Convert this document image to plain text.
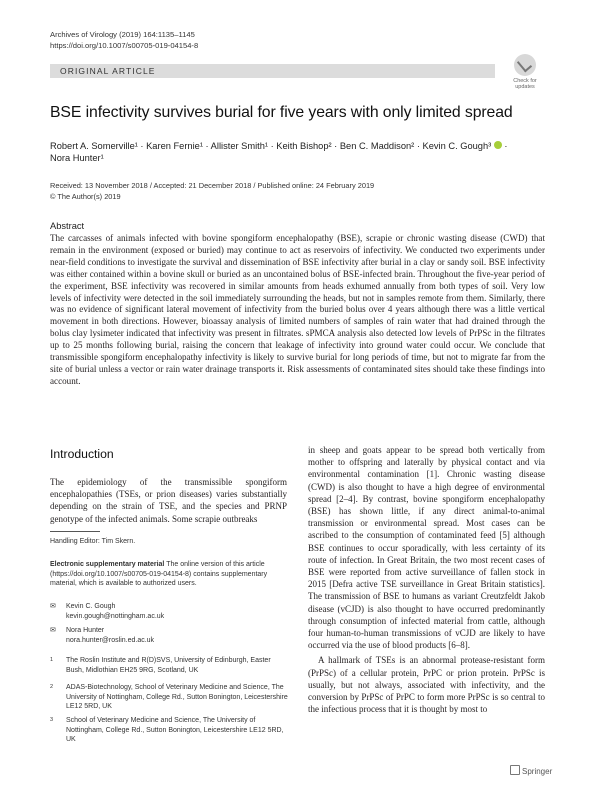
Archives of Virology (2019) 164:1135–1145
https://doi.org/10.1007/s00705-019-04154-8
ORIGINAL ARTICLE
Check for updates
BSE infectivity survives burial for five years with only limited spread
Robert A. Somerville¹ · Karen Fernie¹ · Allister Smith¹ · Keith Bishop² · Ben C. Maddison² · Kevin C. Gough³  ·
Nora Hunter¹
Received: 13 November 2018 / Accepted: 21 December 2018 / Published online: 24 February 2019
© The Author(s) 2019
Abstract
The carcasses of animals infected with bovine spongiform encephalopathy (BSE), scrapie or chronic wasting disease (CWD) that remain in the environment (exposed or buried) may continue to act as reservoirs of infectivity. We conducted two experiments under near-field conditions to investigate the survival and dissemination of BSE infectivity after burial in a clay or sandy soil. BSE infectivity was either contained within a bovine skull or buried as an uncontained bolus of BSE-infected brain. Throughout the five-year period of the experiment, BSE infectivity was recovered in similar amounts from heads exhumed annually from both types of soil. Very low levels of infectivity were detected in the soil immediately surrounding the heads, but not in samples remote from them. Similarly, there was no evidence of significant lateral movement of infectivity from the buried bolus over 4 years although there was a little vertical movement in both directions. However, bioassay analysis of limited numbers of samples of rain water that had drained through the bolus clay lysimeter indicated that infectivity was present in filtrates. sPMCA analysis also detected low levels of PrPSc in the filtrates up to 25 months following burial, raising the concern that leakage of infectivity into ground water could occur. We conclude that transmissible spongiform encephalopathy infectivity is likely to survive burial for long periods of time, but not to migrate far from the site of burial unless a vector or rain water drainage transports it. Risk assessments of contaminated sites should take these findings into account.
Introduction
The epidemiology of the transmissible spongiform encephalopathies (TSEs, or prion diseases) varies substantially depending on the strain of TSE, and the species and PRNP genotype of the infected animals. Some scrapie outbreaks

in sheep and goats appear to be spread both vertically from mother to offspring and laterally by physical contact and via environmental contamination [1]. Chronic wasting disease (CWD) is also thought to have a high degree of environmental spread [2–4]. By contrast, bovine spongiform encephalopathy (BSE) has shown little, if any direct animal-to-animal transmission or environmental spread. Most cases can be ascribed to the consumption of contaminated feed [5] although BSE continues to occur sporadically, with less certainty of its route of infection. In Great Britain, the two most recent cases of BSE were reported from active surveillance of fallen stock in 2015 [Defra active TSE surveillance in Great Britain statistics]. The transmission of BSE to humans as variant Creutzfeldt Jakob disease (vCJD) is also thought to have occurred predominantly through consumption of infected material from cattle, although four human-to-human transmissions of vCJD are likely to have occurred via the use of blood products [6–8].

A hallmark of TSEs is an abnormal protease-resistant form (PrPSc) of a cellular protein, PrPC or prion protein. PrPSc is usually, but not always, associated with infectivity, and the conversion by PrPSc of PrPC to form more PrPSc is so central to the infectious process that it is thought by most to

Handling Editor: Tim Skern.
Electronic supplementary material The online version of this article (https://doi.org/10.1007/s00705-019-04154-8) contains supplementary material, which is available to authorized users.
✉ Kevin C. Gough
kevin.gough@nottingham.ac.uk
✉ Nora Hunter
nora.hunter@roslin.ed.ac.uk
1 The Roslin Institute and R(D)SVS, University of Edinburgh, Easter Bush, Midlothian EH25 9RG, Scotland, UK
2 ADAS-Biotechnology, School of Veterinary Medicine and Science, The University of Nottingham, College Rd., Sutton Bonington, Leicestershire LE12 5RD, UK
3 School of Veterinary Medicine and Science, The University of Nottingham, College Rd., Sutton Bonington, Leicestershire LE12 5RD, UK
Springer
